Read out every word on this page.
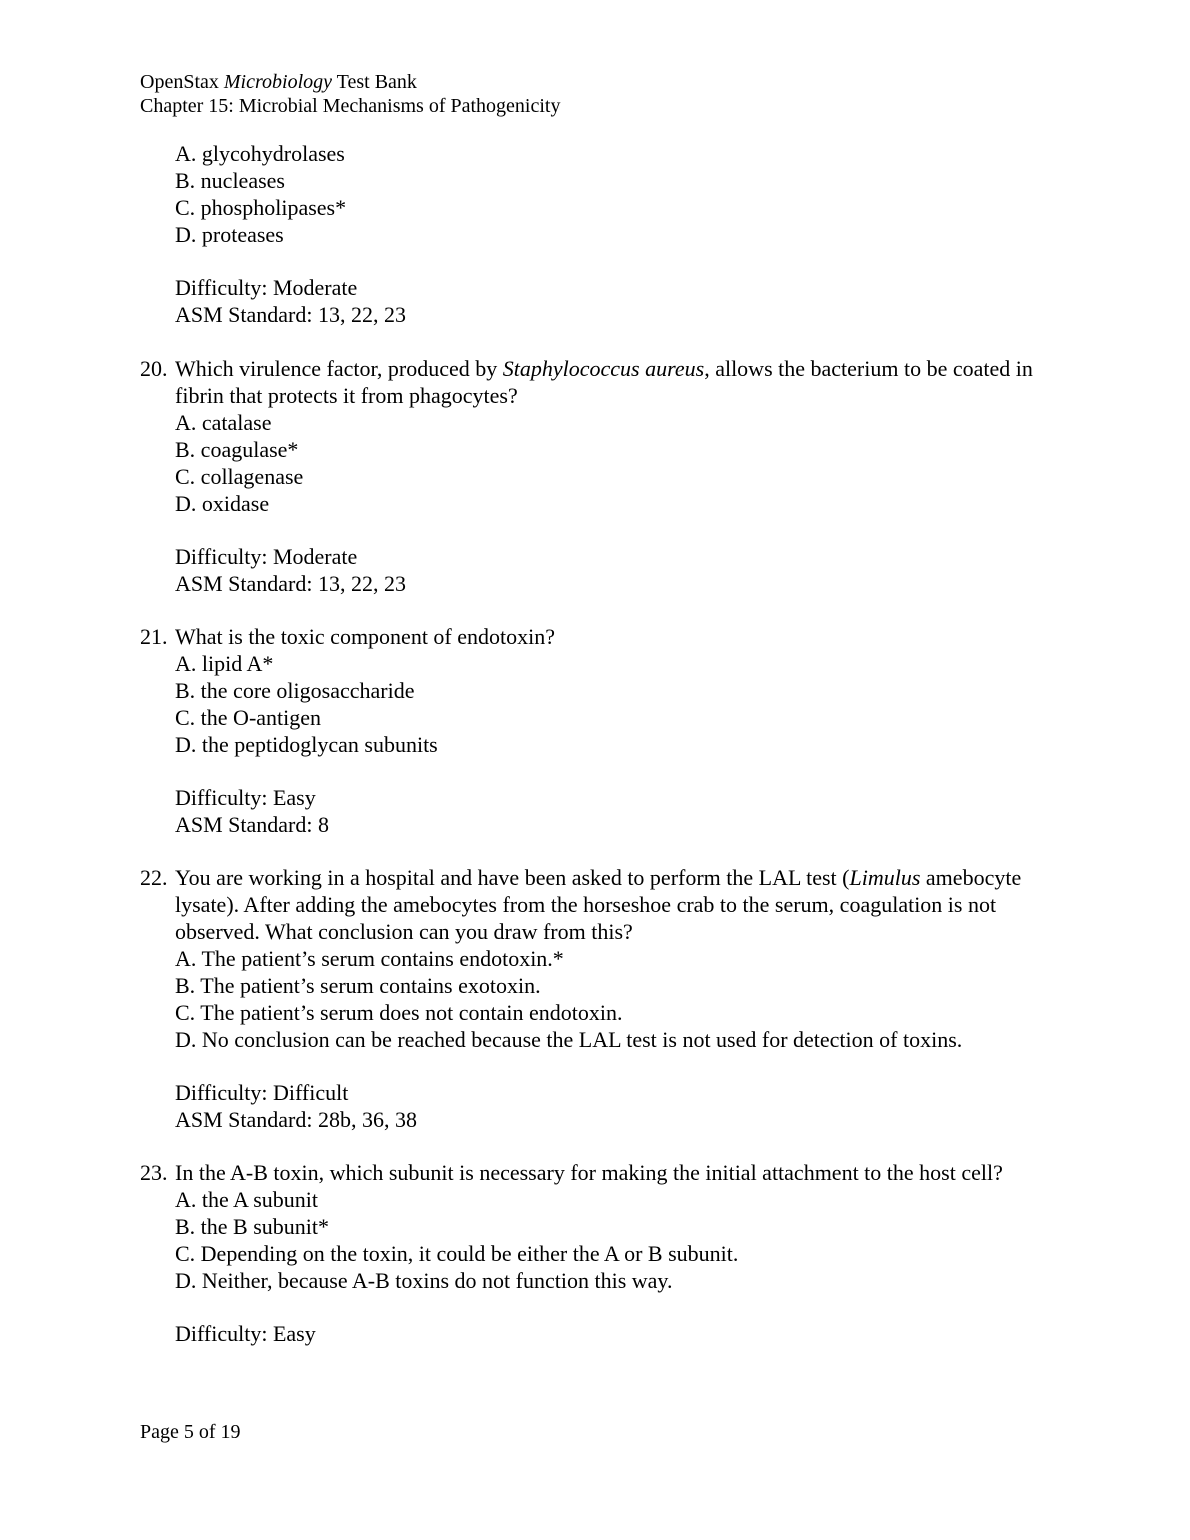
OpenStax Microbiology Test Bank
Chapter 15: Microbial Mechanisms of Pathogenicity
A. glycohydrolases
B. nucleases
C. phospholipases*
D. proteases
Difficulty: Moderate
ASM Standard: 13, 22, 23
20. Which virulence factor, produced by Staphylococcus aureus, allows the bacterium to be coated in fibrin that protects it from phagocytes?
A. catalase
B. coagulase*
C. collagenase
D. oxidase
Difficulty: Moderate
ASM Standard: 13, 22, 23
21. What is the toxic component of endotoxin?
A. lipid A*
B. the core oligosaccharide
C. the O-antigen
D. the peptidoglycan subunits
Difficulty: Easy
ASM Standard: 8
22. You are working in a hospital and have been asked to perform the LAL test (Limulus amebocyte lysate). After adding the amebocytes from the horseshoe crab to the serum, coagulation is not observed. What conclusion can you draw from this?
A. The patient’s serum contains endotoxin.*
B. The patient’s serum contains exotoxin.
C. The patient’s serum does not contain endotoxin.
D. No conclusion can be reached because the LAL test is not used for detection of toxins.
Difficulty: Difficult
ASM Standard: 28b, 36, 38
23. In the A-B toxin, which subunit is necessary for making the initial attachment to the host cell?
A. the A subunit
B. the B subunit*
C. Depending on the toxin, it could be either the A or B subunit.
D. Neither, because A-B toxins do not function this way.
Difficulty: Easy
Page 5 of 19
